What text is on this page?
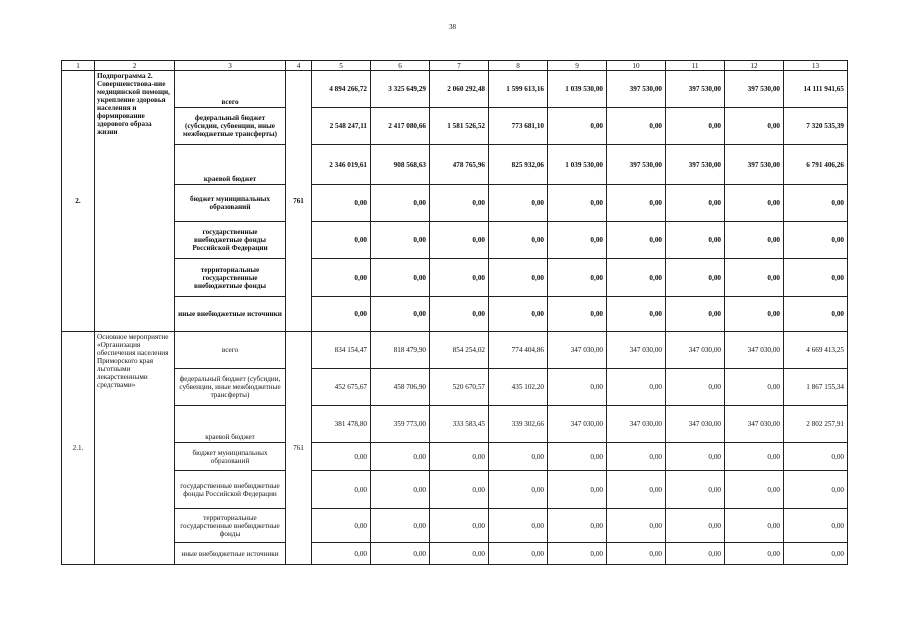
38
1	2	3	4	5	6	7	8	9	10	11	12	13
2.	Подпрограмма 2. Совершенствова-ние медицинской помощи, укрепление здоровья населения и формирование здорового образа жизни	всего	761	4 894 266,72	3 325 649,29	2 060 292,48	1 599 613,16	1 039 530,00	397 530,00	397 530,00	397 530,00	14 111 941,65
		федеральный бюджет (субсидии, субвенции, иные межбюджетные трансферты)		2 548 247,11	2 417 080,66	1 581 526,52	773 681,10	0,00	0,00	0,00	0,00	7 320 535,39
		краевой бюджет		2 346 019,61	908 568,63	478 765,96	825 932,06	1 039 530,00	397 530,00	397 530,00	397 530,00	6 791 406,26
		бюджет муниципальных образований		0,00	0,00	0,00	0,00	0,00	0,00	0,00	0,00	0,00
		государственные внебюджетные фонды Российской Федерации		0,00	0,00	0,00	0,00	0,00	0,00	0,00	0,00	0,00
		территориальные государственные внебюджетные фонды		0,00	0,00	0,00	0,00	0,00	0,00	0,00	0,00	0,00
		иные внебюджетные источники		0,00	0,00	0,00	0,00	0,00	0,00	0,00	0,00	0,00
2.1.	Основное мероприятие «Организация обеспечения населения Приморского края льготными лекарственными средствами»	всего	761	834 154,47	818 479,90	854 254,02	774 404,86	347 030,00	347 030,00	347 030,00	347 030,00	4 669 413,25
		федеральный бюджет (субсидии, субвенции, иные межбюджетные трансферты)		452 675,67	458 706,90	520 670,57	435 102,20	0,00	0,00	0,00	0,00	1 867 155,34
		краевой бюджет		381 478,80	359 773,00	333 583,45	339 302,66	347 030,00	347 030,00	347 030,00	347 030,00	2 802 257,91
		бюджет муниципальных образований		0,00	0,00	0,00	0,00	0,00	0,00	0,00	0,00	0,00
		государственные внебюджетные фонды Российской Федерации		0,00	0,00	0,00	0,00	0,00	0,00	0,00	0,00	0,00
		территориальные государственные внебюджетные фонды		0,00	0,00	0,00	0,00	0,00	0,00	0,00	0,00	0,00
		иные внебюджетные источники		0,00	0,00	0,00	0,00	0,00	0,00	0,00	0,00	0,00
